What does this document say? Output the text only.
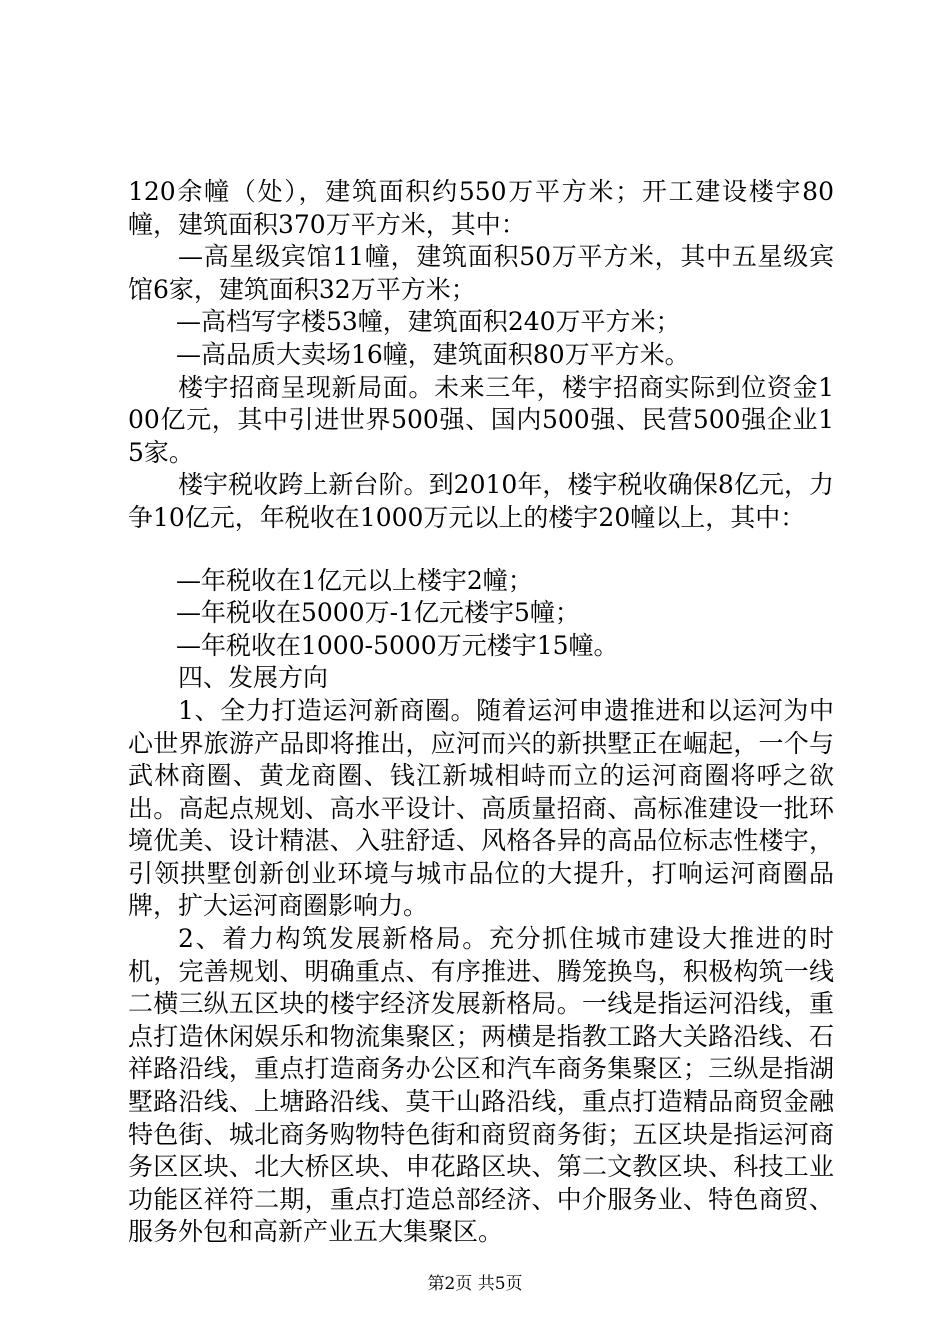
120余幢（处），建筑面积约550万平方米；开工建设楼宇80幢，建筑面积370万平方米，其中：

—高星级宾馆11幢，建筑面积50万平方米，其中五星级宾馆6家，建筑面积32万平方米；

—高档写字楼53幢，建筑面积240万平方米；

—高品质大卖场16幢，建筑面积80万平方米。

楼宇招商呈现新局面。未来三年，楼宇招商实际到位资金100亿元，其中引进世界500强、国内500强、民营500强企业15家。

楼宇税收跨上新台阶。到2010年，楼宇税收确保8亿元，力争10亿元，年税收在1000万元以上的楼宇20幢以上，其中：

—年税收在1亿元以上楼宇2幢；

—年税收在5000万-1亿元楼宇5幢；

—年税收在1000-5000万元楼宇15幢。

四、发展方向

1、全力打造运河新商圈。随着运河申遗推进和以运河为中心世界旅游产品即将推出，应河而兴的新拱墅正在崛起，一个与武林商圈、黄龙商圈、钱江新城相峙而立的运河商圈将呼之欲出。高起点规划、高水平设计、高质量招商、高标准建设一批环境优美、设计精湛、入驻舒适、风格各异的高品位标志性楼宇，引领拱墅创新创业环境与城市品位的大提升，打响运河商圈品牌，扩大运河商圈影响力。

2、着力构筑发展新格局。充分抓住城市建设大推进的时机，完善规划、明确重点、有序推进、腾笼换鸟，积极构筑一线二横三纵五区块的楼宇经济发展新格局。一线是指运河沿线，重点打造休闲娱乐和物流集聚区；两横是指教工路大关路沿线、石祥路沿线，重点打造商务办公区和汽车商务集聚区；三纵是指湖墅路沿线、上塘路沿线、莫干山路沿线，重点打造精品商贸金融特色街、城北商务购物特色街和商贸商务街；五区块是指运河商务区区块、北大桥区块、申花路区块、第二文教区块、科技工业功能区祥符二期，重点打造总部经济、中介服务业、特色商贸、服务外包和高新产业五大集聚区。

第2页 共5页
